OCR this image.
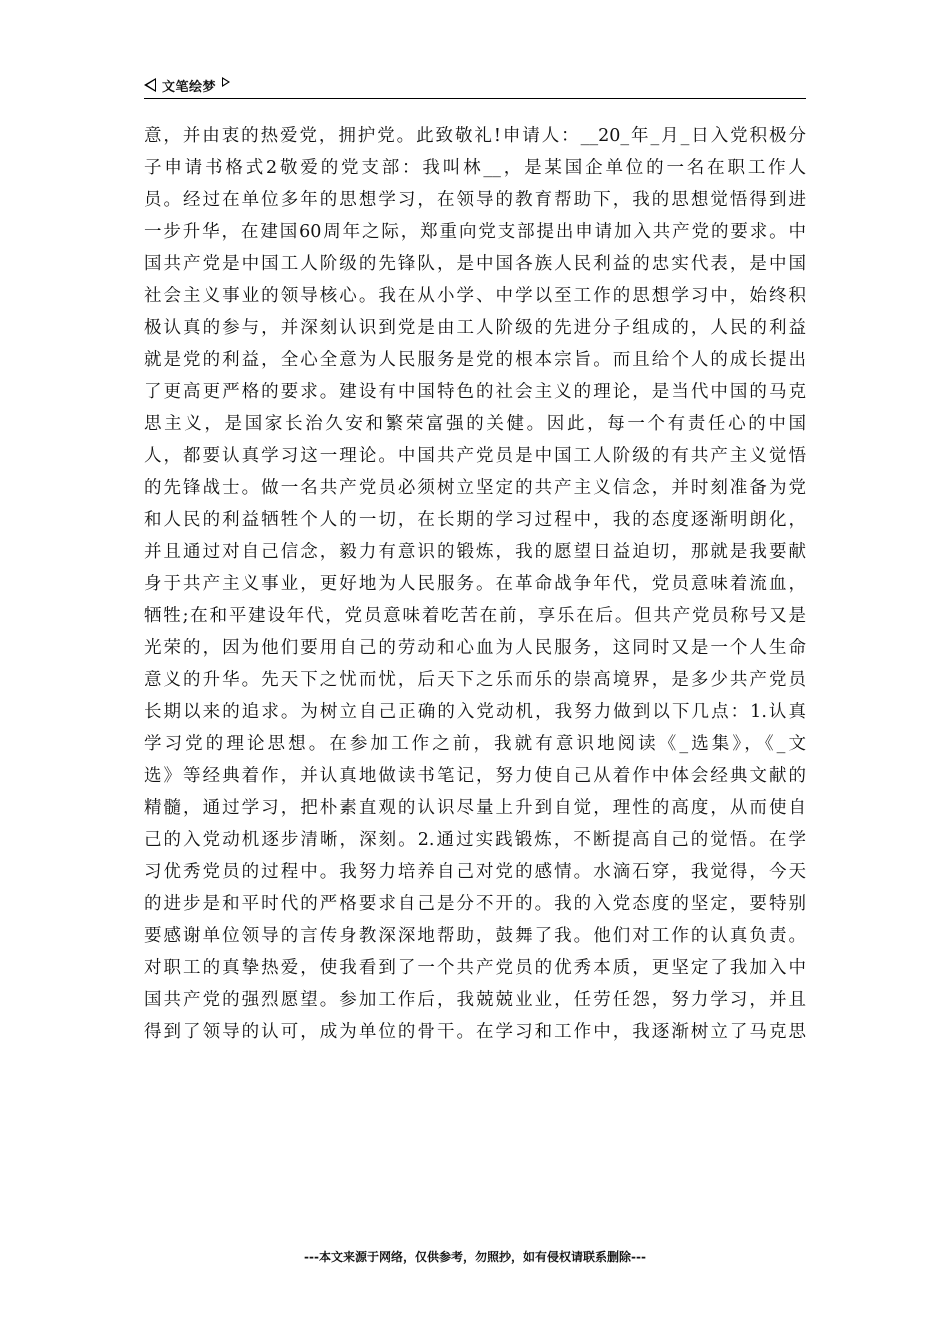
文笔绘梦
意，并由衷的热爱党，拥护党。此致敬礼!申请人：__20_年_月_日入党积极分
子申请书格式2敬爱的党支部：我叫林__，是某国企单位的一名在职工作人
员。经过在单位多年的思想学习，在领导的教育帮助下，我的思想觉悟得到进
一步升华，在建国60周年之际，郑重向党支部提出申请加入共产党的要求。中
国共产党是中国工人阶级的先锋队，是中国各族人民利益的忠实代表，是中国
社会主义事业的领导核心。我在从小学、中学以至工作的思想学习中，始终积
极认真的参与，并深刻认识到党是由工人阶级的先进分子组成的，人民的利益
就是党的利益，全心全意为人民服务是党的根本宗旨。而且给个人的成长提出
了更高更严格的要求。建设有中国特色的社会主义的理论，是当代中国的马克
思主义，是国家长治久安和繁荣富强的关健。因此，每一个有责任心的中国
人，都要认真学习这一理论。中国共产党员是中国工人阶级的有共产主义觉悟
的先锋战士。做一名共产党员必须树立坚定的共产主义信念，并时刻准备为党
和人民的利益牺牲个人的一切，在长期的学习过程中，我的态度逐渐明朗化，
并且通过对自己信念，毅力有意识的锻炼，我的愿望日益迫切，那就是我要献
身于共产主义事业，更好地为人民服务。在革命战争年代，党员意味着流血，
牺牲;在和平建设年代，党员意味着吃苦在前，享乐在后。但共产党员称号又是
光荣的，因为他们要用自己的劳动和心血为人民服务，这同时又是一个人生命
意义的升华。先天下之忧而忧，后天下之乐而乐的崇高境界，是多少共产党员
长期以来的追求。为树立自己正确的入党动机，我努力做到以下几点：1.认真
学习党的理论思想。在参加工作之前，我就有意识地阅读《_选集》，《_文
选》等经典着作，并认真地做读书笔记，努力使自己从着作中体会经典文献的
精髓，通过学习，把朴素直观的认识尽量上升到自觉，理性的高度，从而使自
己的入党动机逐步清晰，深刻。2.通过实践锻炼，不断提高自己的觉悟。在学
习优秀党员的过程中。我努力培养自己对党的感情。水滴石穿，我觉得，今天
的进步是和平时代的严格要求自己是分不开的。我的入党态度的坚定，要特别
要感谢单位领导的言传身教深深地帮助，鼓舞了我。他们对工作的认真负责。
对职工的真挚热爱，使我看到了一个共产党员的优秀本质，更坚定了我加入中
国共产党的强烈愿望。参加工作后，我兢兢业业，任劳任怨，努力学习，并且
得到了领导的认可，成为单位的骨干。在学习和工作中，我逐渐树立了马克思
---本文来源于网络，仅供参考，勿照抄，如有侵权请联系删除---
